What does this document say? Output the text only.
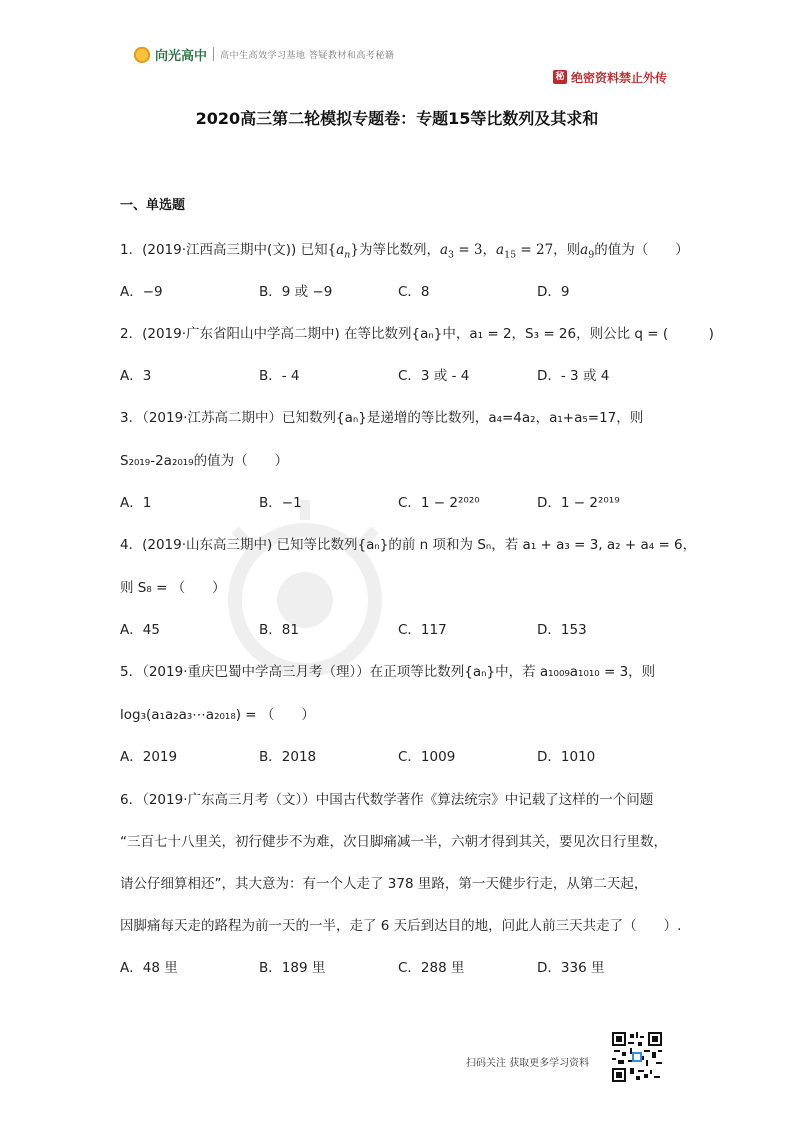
向光高中 高中生高效学习基地 答疑教材和高考秘籍
秘 绝密资料禁止外传
2020高三第二轮模拟专题卷：专题15等比数列及其求和
一、单选题
1．(2019·江西高三期中(文)) 已知$\{a_n\}$为等比数列，$a_3 = 3$，$a_{15} = 27$，则$a_9$的值为（　　）
A．−9	B．9 或 −9	C．8	D．9
2．(2019·广东省阳山中学高二期中) 在等比数列{aₙ}中，a₁ = 2，S₃ = 26，则公比 q = (　　　)
A．3	B．- 4	C．3 或 - 4	D．- 3 或 4
3．（2019·江苏高二期中）已知数列{aₙ}是递增的等比数列，a₄=4a₂，a₁+a₅=17，则
S₂₀₁₉-2a₂₀₁₉的值为（　　）
A．1	B．−1	C．1 − 2²⁰²⁰	D．1 − 2²⁰¹⁹
4．(2019·山东高三期中) 已知等比数列{aₙ}的前 n 项和为 Sₙ，若 a₁ + a₃ = 3, a₂ + a₄ = 6，
则 S₈ = （　　）
A．45	B．81	C．117	D．153
5．（2019·重庆巴蜀中学高三月考（理））在正项等比数列{aₙ}中，若 a₁₀₀₉a₁₀₁₀ = 3，则
log₃(a₁a₂a₃⋯a₂₀₁₈) = （　　）
A．2019	B．2018	C．1009	D．1010
6．（2019·广东高三月考（文））中国古代数学著作《算法统宗》中记载了这样的一个问题
“三百七十八里关，初行健步不为难，次日脚痛减一半，六朝才得到其关，要见次日行里数，
请公仔细算相还”，其大意为：有一个人走了 378 里路，第一天健步行走，从第二天起，
因脚痛每天走的路程为前一天的一半，走了 6 天后到达目的地，问此人前三天共走了（　　）.
A．48 里	B．189 里	C．288 里	D．336 里
扫码关注 获取更多学习资料
